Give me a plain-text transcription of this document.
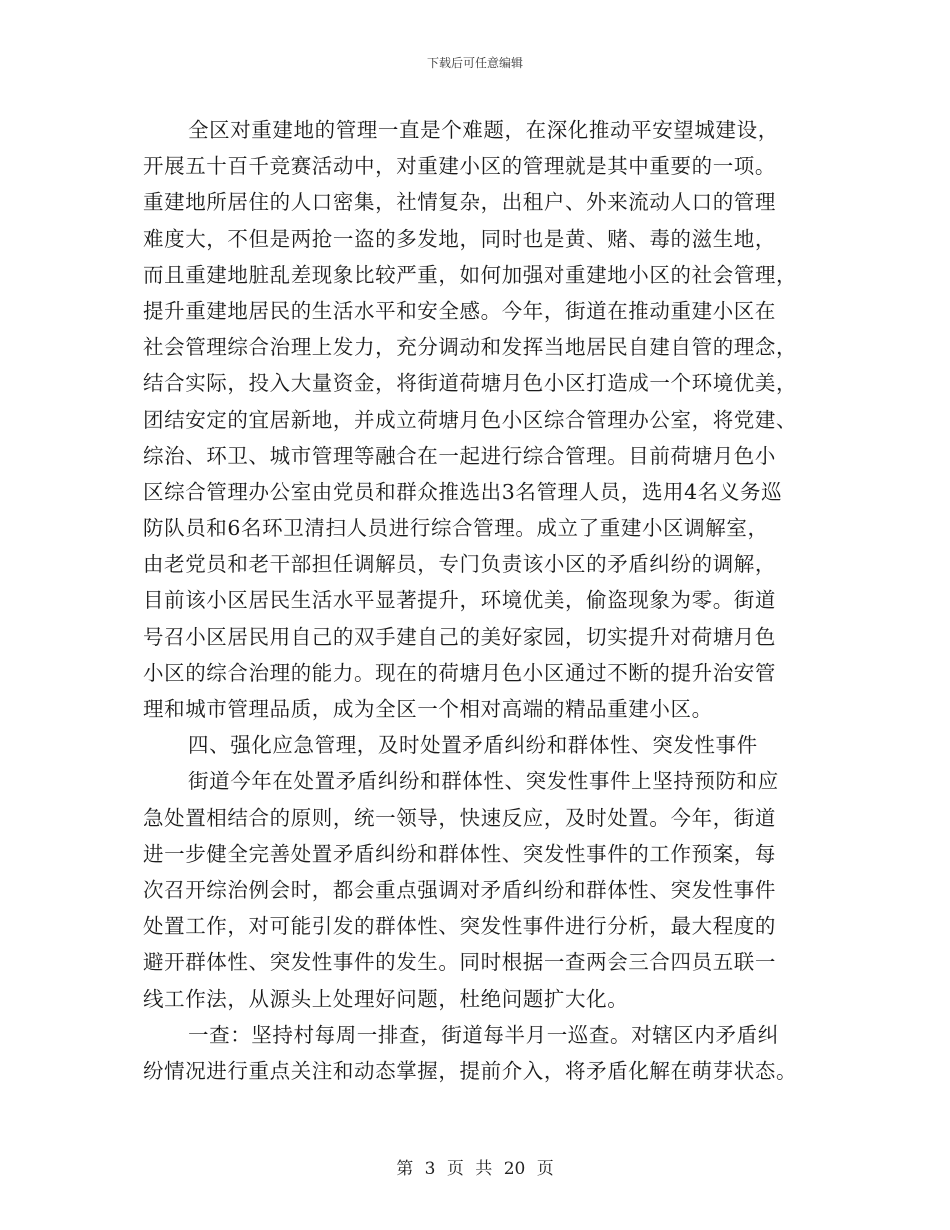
下载后可任意编辑
全区对重建地的管理一直是个难题，在深化推动平安望城建设，
开展五十百千竞赛活动中，对重建小区的管理就是其中重要的一项。
重建地所居住的人口密集，社情复杂，出租户、外来流动人口的管理
难度大，不但是两抢一盗的多发地，同时也是黄、赌、毒的滋生地，
而且重建地脏乱差现象比较严重，如何加强对重建地小区的社会管理，
提升重建地居民的生活水平和安全感。今年，街道在推动重建小区在
社会管理综合治理上发力，充分调动和发挥当地居民自建自管的理念，
结合实际，投入大量资金，将街道荷塘月色小区打造成一个环境优美，
团结安定的宜居新地，并成立荷塘月色小区综合管理办公室，将党建、
综治、环卫、城市管理等融合在一起进行综合管理。目前荷塘月色小
区综合管理办公室由党员和群众推选出3名管理人员，选用4名义务巡
防队员和6名环卫清扫人员进行综合管理。成立了重建小区调解室，
由老党员和老干部担任调解员，专门负责该小区的矛盾纠纷的调解，
目前该小区居民生活水平显著提升，环境优美，偷盗现象为零。街道
号召小区居民用自己的双手建自己的美好家园，切实提升对荷塘月色
小区的综合治理的能力。现在的荷塘月色小区通过不断的提升治安管
理和城市管理品质，成为全区一个相对高端的精品重建小区。
四、强化应急管理，及时处置矛盾纠纷和群体性、突发性事件
街道今年在处置矛盾纠纷和群体性、突发性事件上坚持预防和应
急处置相结合的原则，统一领导，快速反应，及时处置。今年，街道
进一步健全完善处置矛盾纠纷和群体性、突发性事件的工作预案，每
次召开综治例会时，都会重点强调对矛盾纠纷和群体性、突发性事件
处置工作，对可能引发的群体性、突发性事件进行分析，最大程度的
避开群体性、突发性事件的发生。同时根据一查两会三合四员五联一
线工作法，从源头上处理好问题，杜绝问题扩大化。
一查：坚持村每周一排查，街道每半月一巡查。对辖区内矛盾纠
纷情况进行重点关注和动态掌握，提前介入，将矛盾化解在萌芽状态。
第 3 页 共 20 页
